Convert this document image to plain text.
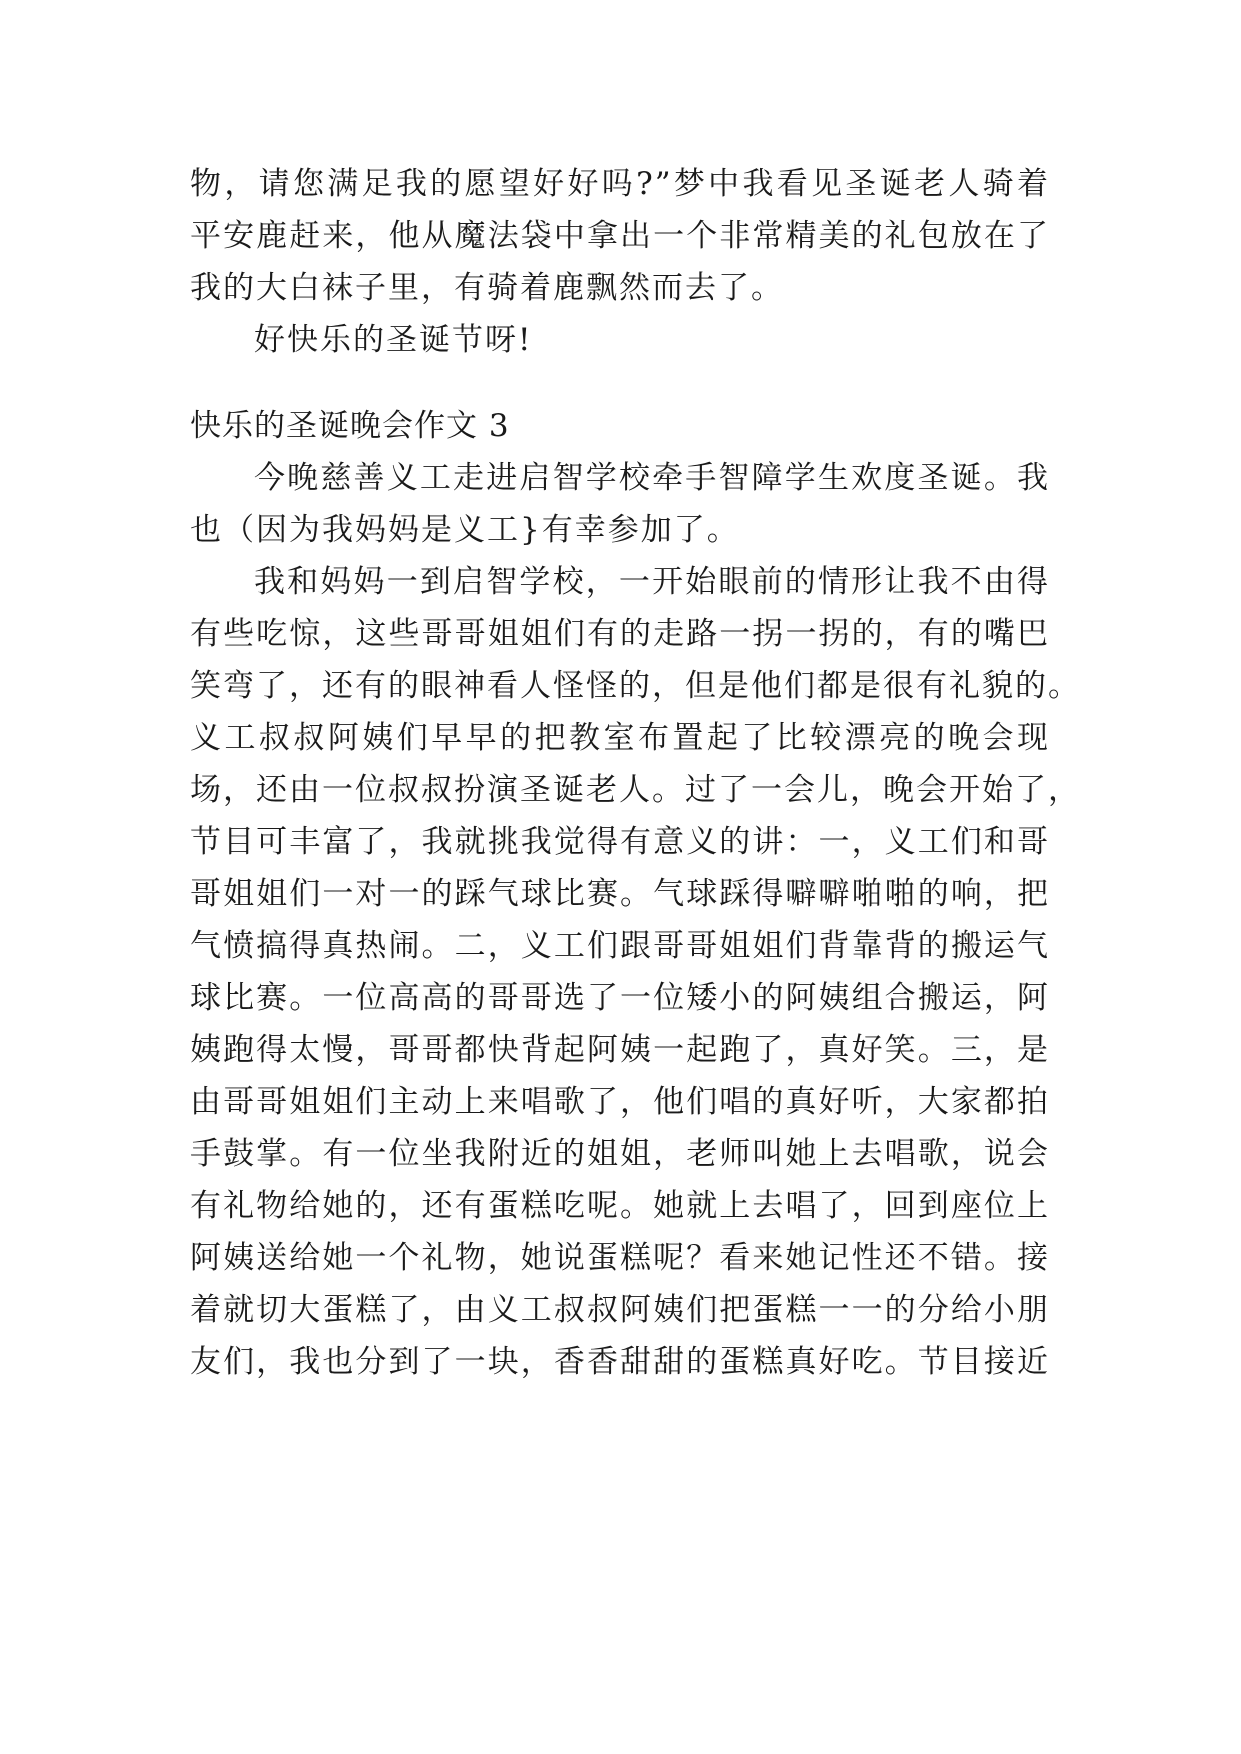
物，请您满足我的愿望好好吗?”梦中我看见圣诞老人骑着
平安鹿赶来，他从魔法袋中拿出一个非常精美的礼包放在了
我的大白袜子里，有骑着鹿飘然而去了。
好快乐的圣诞节呀!
快乐的圣诞晚会作文 3
今晚慈善义工走进启智学校牵手智障学生欢度圣诞。我
也（因为我妈妈是义工}有幸参加了。
我和妈妈一到启智学校，一开始眼前的情形让我不由得
有些吃惊，这些哥哥姐姐们有的走路一拐一拐的，有的嘴巴
笑弯了，还有的眼神看人怪怪的，但是他们都是很有礼貌的。
义工叔叔阿姨们早早的把教室布置起了比较漂亮的晚会现
场，还由一位叔叔扮演圣诞老人。过了一会儿，晚会开始了，
节目可丰富了，我就挑我觉得有意义的讲：一，义工们和哥
哥姐姐们一对一的踩气球比赛。气球踩得噼噼啪啪的响，把
气愤搞得真热闹。二，义工们跟哥哥姐姐们背靠背的搬运气
球比赛。一位高高的哥哥选了一位矮小的阿姨组合搬运，阿
姨跑得太慢，哥哥都快背起阿姨一起跑了，真好笑。三，是
由哥哥姐姐们主动上来唱歌了，他们唱的真好听，大家都拍
手鼓掌。有一位坐我附近的姐姐，老师叫她上去唱歌，说会
有礼物给她的，还有蛋糕吃呢。她就上去唱了，回到座位上
阿姨送给她一个礼物，她说蛋糕呢？看来她记性还不错。接
着就切大蛋糕了，由义工叔叔阿姨们把蛋糕一一的分给小朋
友们，我也分到了一块，香香甜甜的蛋糕真好吃。节目接近
